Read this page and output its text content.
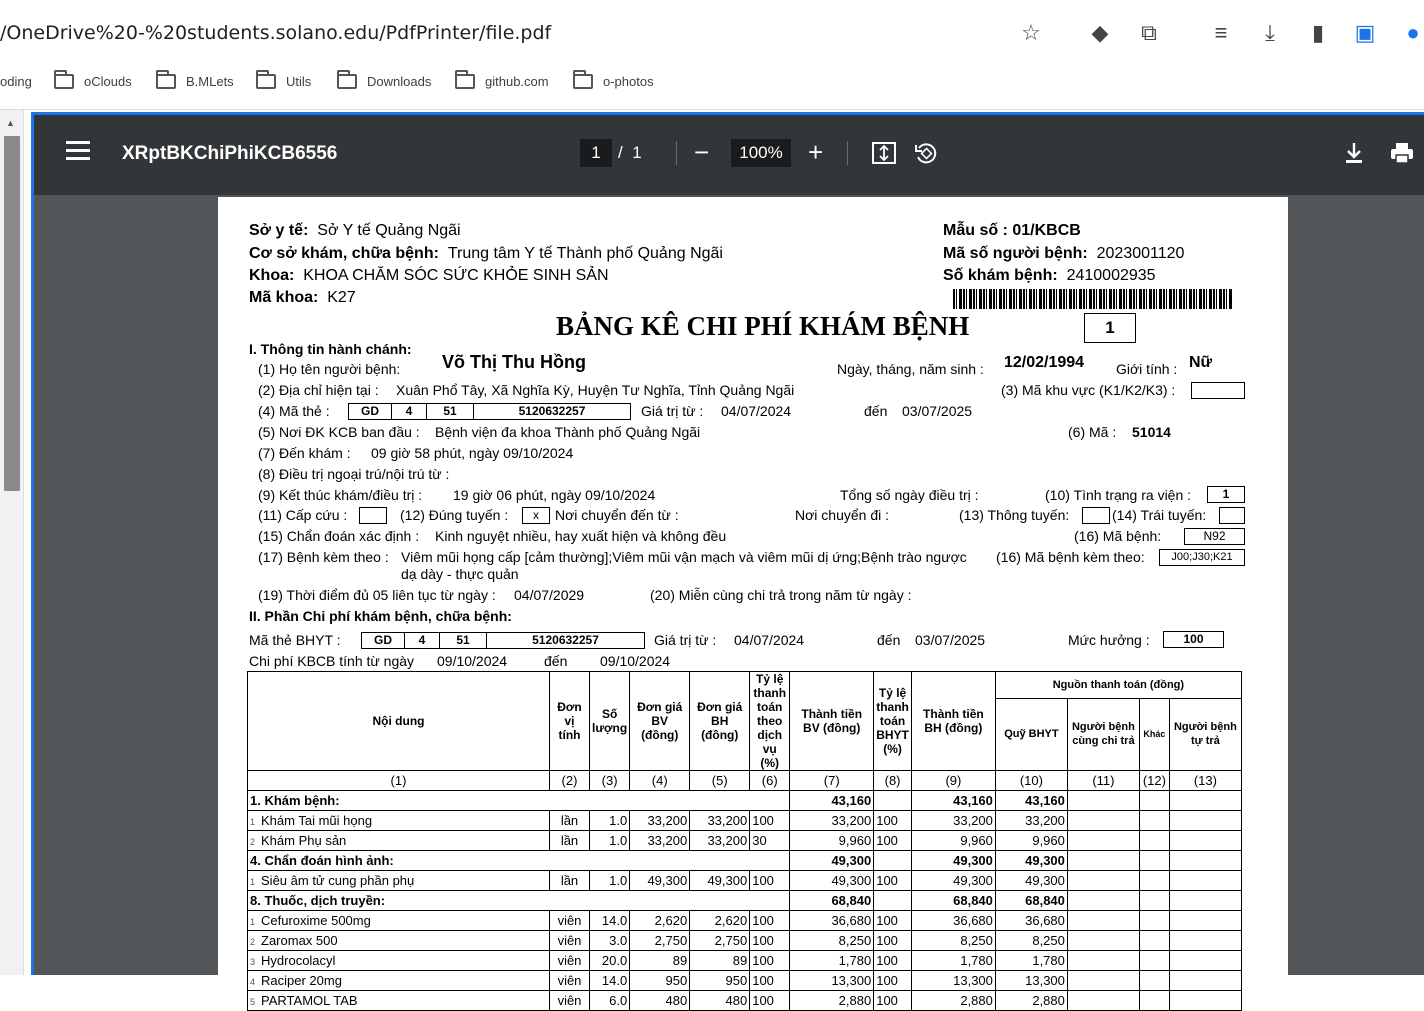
/OneDrive%20-%20students.solano.edu/PdfPrinter/file.pdf	☆ ◆	⧉	≡	⤓	▮	▣	●
oding	oClouds	B.MLets	Utils	Downloads	github.com	o-photos
▲
XRptBKChiPhiKCB6556	1	/ 1 −	100% +
Sở y tế: Sở Y tế Quảng Ngãi
Cơ sở khám, chữa bệnh: Trung tâm Y tế Thành phố Quảng Ngãi
Khoa: KHOA CHĂM SÓC SỨC KHỎE SINH SẢN
Mã khoa: K27
Mẫu số : 01/KBCB
Mã số người bệnh: 2023001120
Số khám bệnh: 2410002935
BẢNG KÊ CHI PHÍ KHÁM BỆNH	1
I. Thông tin hành chánh:
(1) Họ tên người bệnh: Võ Thị Thu Hồng	Ngày, tháng, năm sinh : 12/02/1994 Giới tính : Nữ
(2) Địa chỉ hiện tại : Xuân Phổ Tây, Xã Nghĩa Kỳ, Huyện Tư Nghĩa, Tỉnh Quảng Ngãi	(3) Mã khu vực (K1/K2/K3) :
(4) Mã thẻ :	GD	4	51	5120632257	Giá trị từ : 04/07/2024	đến 03/07/2025
(5) Nơi ĐK KCB ban đầu : Bệnh viện đa khoa Thành phố Quảng Ngãi	(6) Mã : 51014
(7) Đến khám : 09 giờ 58 phút, ngày 09/10/2024
(8) Điều trị ngoại trú/nội trú từ :
(9) Kết thúc khám/điều trị : 19 giờ 06 phút, ngày 09/10/2024	Tổng số ngày điều trị :	(10) Tình trạng ra viện :	1
(11) Cấp cứu :	(12) Đúng tuyến :	x	Nơi chuyển đến từ :	Nơi chuyển đi :	(13) Thông tuyến:	(14) Trái tuyến:
(15) Chẩn đoán xác định : Kinh nguyệt nhiều, hay xuất hiện và không đều	(16) Mã bệnh:	N92
(17) Bệnh kèm theo : Viêm mũi họng cấp [cảm thường];Viêm mũi vận mạch và viêm mũi dị ứng;Bệnh trào ngược
dạ dày - thực quản
(16) Mã bệnh kèm theo:	J00;J30;K21
(19) Thời điểm đủ 05 liên tục từ ngày : 04/07/2029	(20) Miễn cùng chi trả trong năm từ ngày :
II. Phần Chi phí khám bệnh, chữa bệnh:
Mã thẻ BHYT :	GD	4	51	5120632257	Giá trị từ : 04/07/2024	đến 03/07/2025	Mức hưởng :	100
Chi phí KBCB tính từ ngày 09/10/2024	đến 09/10/2024
Nội dung	Đơn vị tính	Số lượng	Đơn giá BV (đồng)	Đơn giá BH (đồng)	Tỷ lệ thanh toán theo dịch vụ (%)	Thành tiền BV (đồng)	Tỷ lệ thanh toán BHYT (%)	Thành tiền BH (đồng)	Nguồn thanh toán (đồng)			
									Quỹ BHYT	Người bệnh cùng chi trả	Khác	Người bệnh tự trả
(1)	(2)	(3)	(4)	(5)	(6)	(7)	(8)	(9)	(10)	(11)	(12)	(13)
1. Khám bệnh:						43,160		43,160	43,160			
1 Khám Tai mũi họng	lần	1.0	33,200	33,200	100	33,200	100	33,200	33,200			
2 Khám Phụ sản	lần	1.0	33,200	33,200	30	9,960	100	9,960	9,960			
4. Chẩn đoán hình ảnh:						49,300		49,300	49,300			
1 Siêu âm tử cung phần phụ	lần	1.0	49,300	49,300	100	49,300	100	49,300	49,300			
8. Thuốc, dịch truyền:						68,840		68,840	68,840			
1 Cefuroxime 500mg	viên	14.0	2,620	2,620	100	36,680	100	36,680	36,680			
2 Zaromax 500	viên	3.0	2,750	2,750	100	8,250	100	8,250	8,250			
3 Hydrocolacyl	viên	20.0	89	89	100	1,780	100	1,780	1,780			
4 Raciper 20mg	viên	14.0	950	950	100	13,300	100	13,300	13,300			
5 PARTAMOL TAB	viên	6.0	480	480	100	2,880	100	2,880	2,880			
